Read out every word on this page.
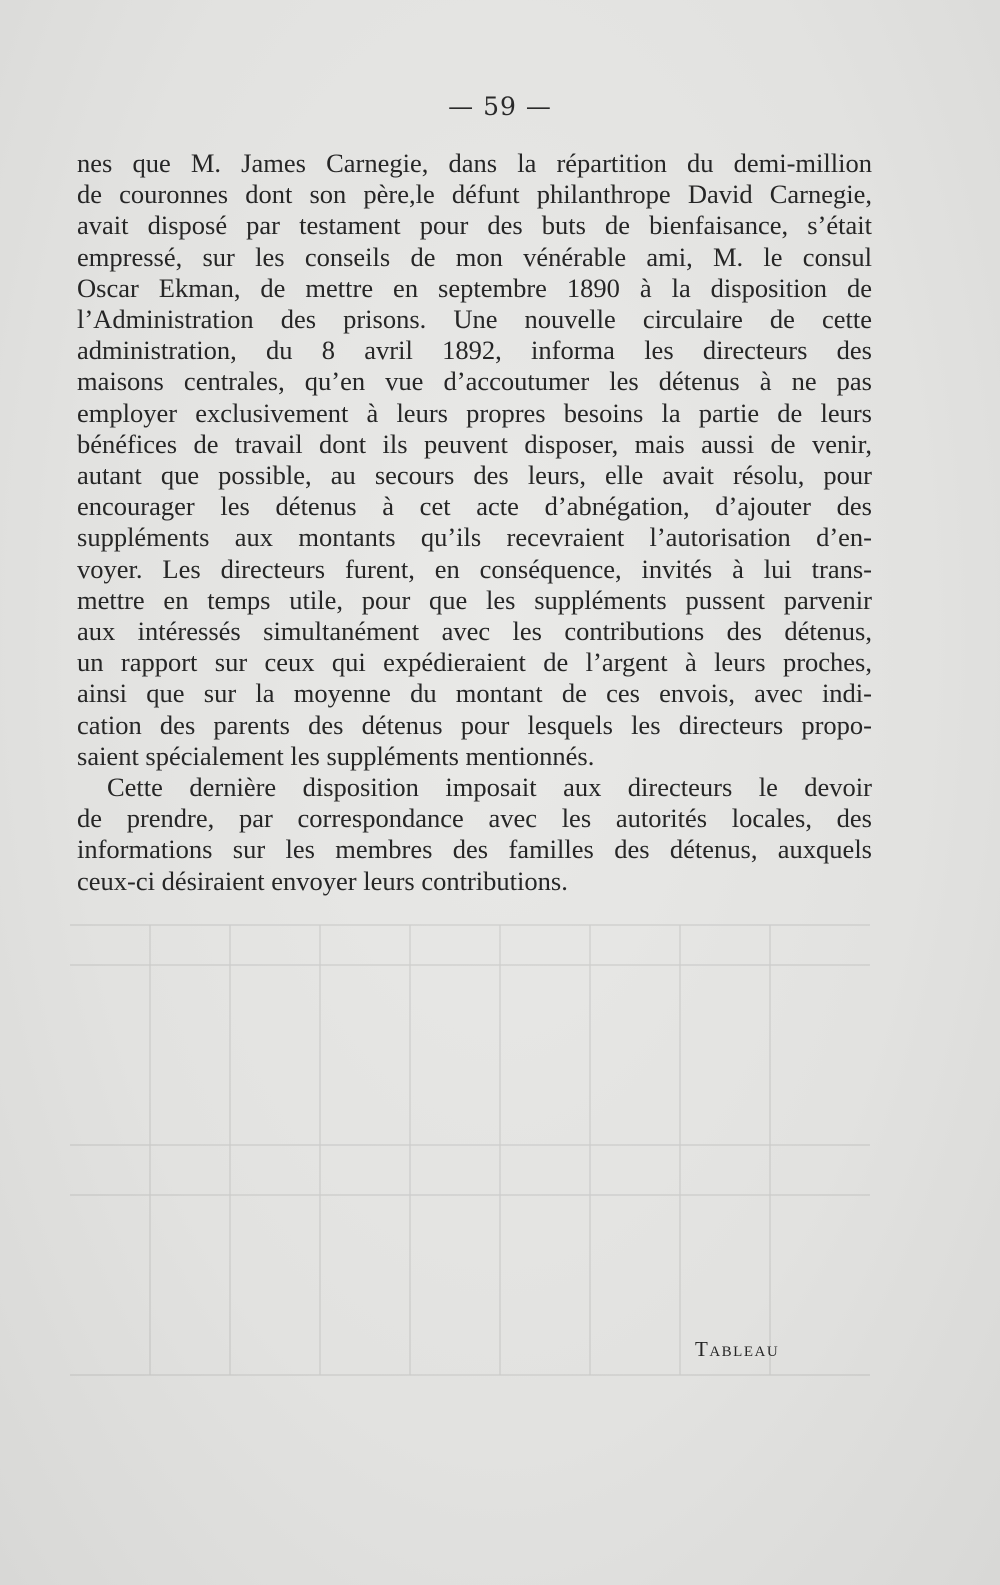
— 59 —
nes que M. James Carnegie, dans la répartition du demi-million
de couronnes dont son père,le défunt philanthrope David Carnegie,
avait disposé par testament pour des buts de bienfaisance, s’était
empressé, sur les conseils de mon vénérable ami, M. le consul
Oscar Ekman, de mettre en septembre 1890 à la disposition de
l’Administration des prisons. Une nouvelle circulaire de cette
administration, du 8 avril 1892, informa les directeurs des
maisons centrales, qu’en vue d’accoutumer les détenus à ne pas
employer exclusivement à leurs propres besoins la partie de leurs
bénéfices de travail dont ils peuvent disposer, mais aussi de venir,
autant que possible, au secours des leurs, elle avait résolu, pour
encourager les détenus à cet acte d’abnégation, d’ajouter des
suppléments aux montants qu’ils recevraient l’autorisation d’en-
voyer. Les directeurs furent, en conséquence, invités à lui trans-
mettre en temps utile, pour que les suppléments pussent parvenir
aux intéressés simultanément avec les contributions des détenus,
un rapport sur ceux qui expédieraient de l’argent à leurs proches,
ainsi que sur la moyenne du montant de ces envois, avec indi-
cation des parents des détenus pour lesquels les directeurs propo-
saient spécialement les suppléments mentionnés.
Cette dernière disposition imposait aux directeurs le devoir
de prendre, par correspondance avec les autorités locales, des
informations sur les membres des familles des détenus, auxquels
ceux-ci désiraient envoyer leurs contributions.
Tableau
